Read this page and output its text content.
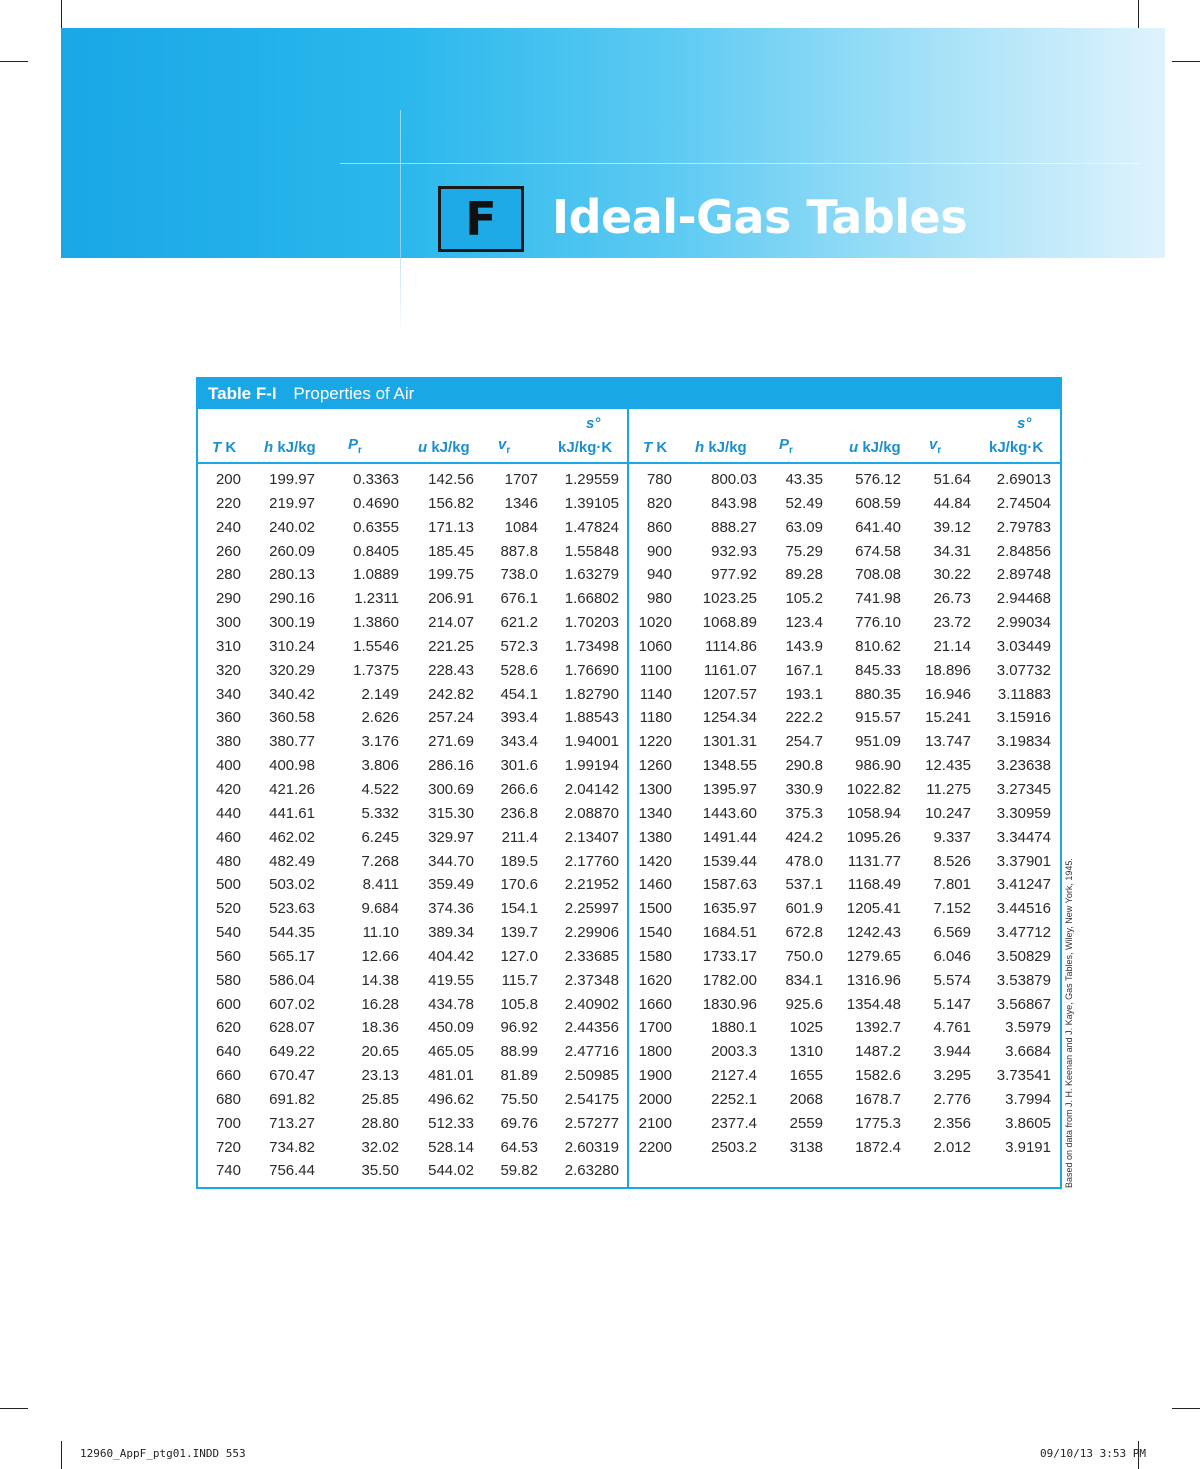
F Ideal-Gas Tables
Table F-I Properties of Air
T K h kJ/kg $P_r$	u kJ/kg $v_r$	kJ/kg·K
s°
T K h kJ/kg $P_r$	u kJ/kg $v_r$	kJ/kg·K
s°
200 199.97	0.3363 142.56 1707 1.29559 780	800.03 43.35 576.12 51.64 2.69013
220 219.97	0.4690 156.82 1346 1.39105 820	843.98 52.49 608.59 44.84 2.74504
240 240.02	0.6355 171.13 1084 1.47824 860	888.27 63.09 641.40 39.12 2.79783
260 260.09	0.8405 185.45 887.8 1.55848 900	932.93 75.29 674.58 34.31 2.84856
280 280.13	1.0889 199.75 738.0 1.63279 940	977.92 89.28 708.08 30.22 2.89748
290 290.16	1.2311 206.91 676.1 1.66802 980 1023.25 105.2 741.98 26.73 2.94468
300 300.19	1.3860 214.07 621.2 1.70203 1020 1068.89 123.4 776.10 23.72 2.99034
310 310.24	1.5546 221.25 572.3 1.73498 1060 1114.86 143.9 810.62 21.14 3.03449
320 320.29	1.7375 228.43 528.6 1.76690 1100 1161.07 167.1 845.33 18.896 3.07732
340 340.42	2.149 242.82 454.1 1.82790 1140 1207.57 193.1 880.35 16.946 3.11883
360 360.58	2.626 257.24 393.4 1.88543 1180 1254.34 222.2 915.57 15.241 3.15916
380 380.77	3.176 271.69 343.4 1.94001 1220 1301.31 254.7 951.09 13.747 3.19834
400 400.98	3.806 286.16 301.6 1.99194 1260 1348.55 290.8 986.90 12.435 3.23638
420 421.26	4.522 300.69 266.6 2.04142 1300 1395.97 330.9 1022.82 11.275 3.27345
440 441.61	5.332 315.30 236.8 2.08870 1340 1443.60 375.3 1058.94 10.247 3.30959
460 462.02	6.245 329.97 211.4 2.13407 1380 1491.44 424.2 1095.26 9.337 3.34474
480 482.49	7.268 344.70 189.5 2.17760 1420 1539.44 478.0 1131.77 8.526 3.37901
500 503.02	8.411 359.49 170.6 2.21952 1460 1587.63 537.1 1168.49 7.801 3.41247
520 523.63	9.684 374.36 154.1 2.25997 1500 1635.97 601.9 1205.41 7.152 3.44516
540 544.35	11.10 389.34 139.7 2.29906 1540 1684.51 672.8 1242.43 6.569 3.47712
560 565.17	12.66 404.42 127.0 2.33685 1580 1733.17 750.0 1279.65 6.046 3.50829
580 586.04	14.38 419.55 115.7 2.37348 1620 1782.00 834.1 1316.96 5.574 3.53879
600 607.02	16.28 434.78 105.8 2.40902 1660 1830.96 925.6 1354.48 5.147 3.56867
620 628.07	18.36 450.09 96.92 2.44356 1700	1880.1 1025 1392.7 4.761 3.5979
640 649.22	20.65 465.05 88.99 2.47716 1800	2003.3 1310 1487.2 3.944 3.6684
660 670.47	23.13 481.01 81.89 2.50985 1900	2127.4 1655 1582.6 3.295 3.73541
680 691.82	25.85 496.62 75.50 2.54175 2000	2252.1 2068 1678.7 2.776 3.7994
700 713.27	28.80 512.33 69.76 2.57277 2100	2377.4 2559 1775.3 2.356 3.8605
720 734.82	32.02 528.14 64.53 2.60319 2200	2503.2 3138 1872.4 2.012 3.9191
740 756.44	35.50 544.02 59.82 2.63280	Based on data from J. H. Keenan and J. Kaye, Gas Tables, Wiley, New York, 1945.
12960_AppF_ptg01.INDD 553	09/10/13 3:53 PM
